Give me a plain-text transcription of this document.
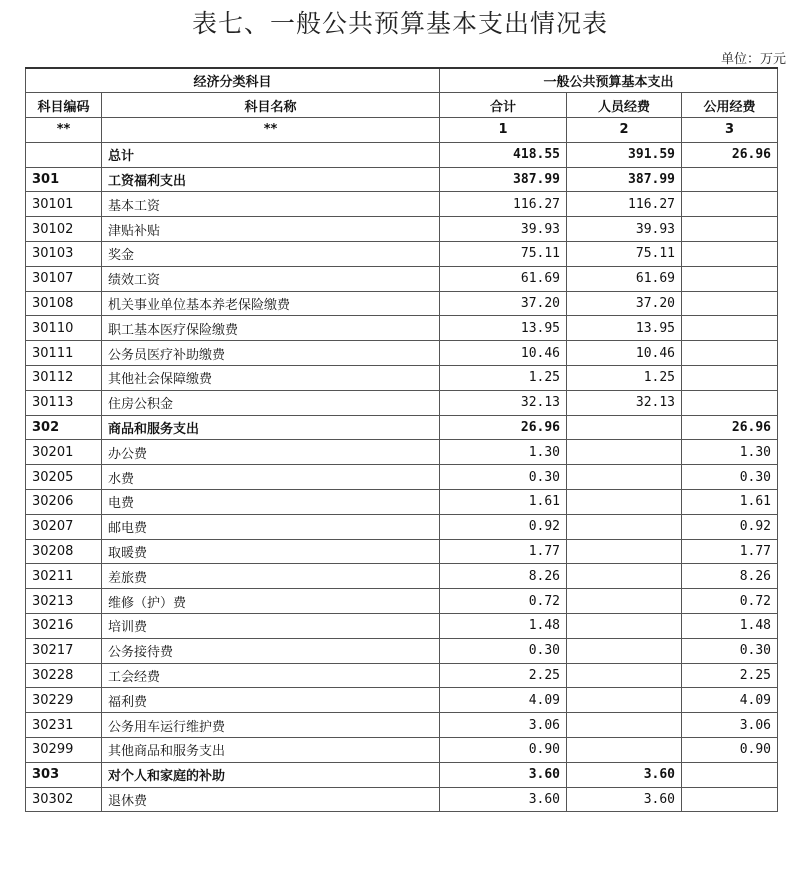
表七、一般公共预算基本支出情况表
单位：万元
经济分类科目		一般公共预算基本支出		
科目编码	科目名称	合计	人员经费	公用经费
**	**	1	2	3
	总计	418.55	391.59	26.96
301	工资福利支出	387.99	387.99	
30101	基本工资	116.27	116.27	
30102	津贴补贴	39.93	39.93	
30103	奖金	75.11	75.11	
30107	绩效工资	61.69	61.69	
30108	机关事业单位基本养老保险缴费	37.20	37.20	
30110	职工基本医疗保险缴费	13.95	13.95	
30111	公务员医疗补助缴费	10.46	10.46	
30112	其他社会保障缴费	1.25	1.25	
30113	住房公积金	32.13	32.13	
302	商品和服务支出	26.96		26.96
30201	办公费	1.30		1.30
30205	水费	0.30		0.30
30206	电费	1.61		1.61
30207	邮电费	0.92		0.92
30208	取暖费	1.77		1.77
30211	差旅费	8.26		8.26
30213	维修（护）费	0.72		0.72
30216	培训费	1.48		1.48
30217	公务接待费	0.30		0.30
30228	工会经费	2.25		2.25
30229	福利费	4.09		4.09
30231	公务用车运行维护费	3.06		3.06
30299	其他商品和服务支出	0.90		0.90
303	对个人和家庭的补助	3.60	3.60	
30302	退休费	3.60	3.60	
